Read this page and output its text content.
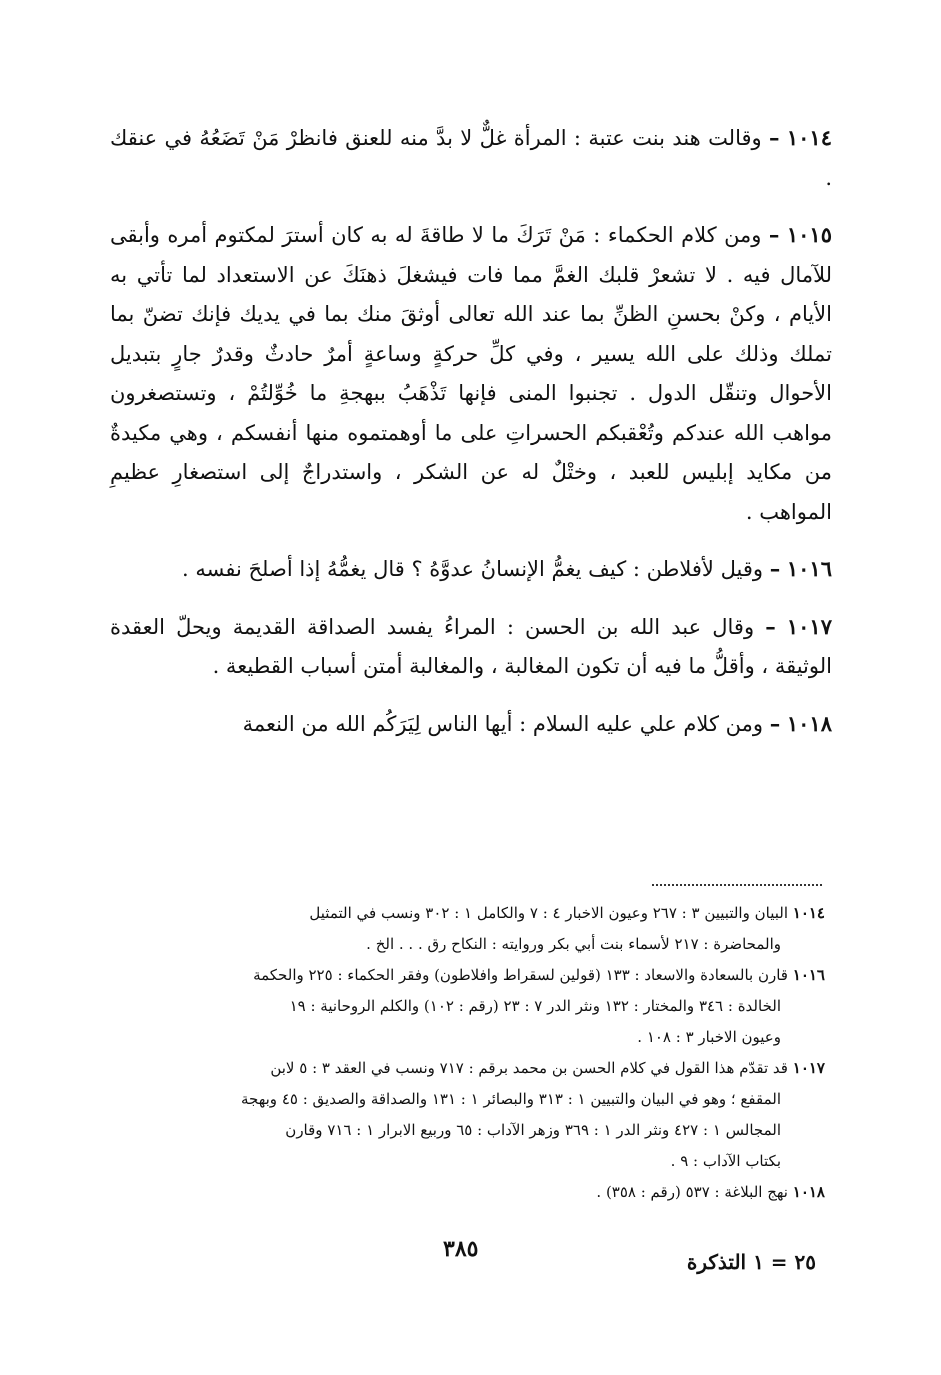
١٠١٤ – وقالت هند بنت عتبة : المرأة غلٌّ لا بدَّ منه للعنق فانظرْ مَنْ تَضَعُهُ في عنقك .

١٠١٥ – ومن كلام الحكماء : مَنْ تَرَكَ ما لا طاقةَ له به كان أسترَ لمكتوم أمره وأبقى للآمال فيه . لا تشعرْ قلبك الغمَّ مما فات فيشغلَ ذهنَكَ عن الاستعداد لما تأتي به الأيام ، وكنْ بحسنِ الظنِّ بما عند الله تعالى أوثقَ منك بما في يديك فإنك تضنّ بما تملك وذلك على الله يسير ، وفي كلِّ حركةٍ وساعةٍ أمرٌ حادثٌ وقدرٌ جارٍ بتبديل الأحوال وتنقّل الدول . تجنبوا المنى فإنها تَذْهَبُ ببهجةِ ما خُوِّلتُمْ ، وتستصغرون مواهب الله عندكم وتُعْقبكم الحسراتِ على ما أوهمتموه منها أنفسكم ، وهي مكيدةٌ من مكايد إبليس للعبد ، وختْلٌ له عن الشكر ، واستدراجٌ إلى استصغارِ عظيمِ المواهب .

١٠١٦ – وقيل لأفلاطن : كيف يغمُّ الإنسانُ عدوَّهُ ؟ قال يغمُّهُ إذا أصلحَ نفسه .

١٠١٧ – وقال عبد الله بن الحسن : المراءُ يفسد الصداقة القديمة ويحلّ العقدة الوثيقة ، وأقلُّ ما فيه أن تكون المغالبة ، والمغالبة أمتن أسباب القطيعة .

١٠١٨ – ومن كلام علي عليه السلام : أيها الناس لِيَرَكُم الله من النعمة

١٠١٤ البيان والتبيين ٣ : ٢٦٧ وعيون الاخبار ٤ : ٧ والكامل ١ : ٣٠٢ ونسب في التمثيل
والمحاضرة : ٢١٧ لأسماء بنت أبي بكر وروايته : النكاح رق . . . الخ .

١٠١٦ قارن بالسعادة والاسعاد : ١٣٣ (قولين لسقراط وافلاطون) وفقر الحكماء : ٢٢٥ والحكمة
الخالدة : ٣٤٦ والمختار : ١٣٢ ونثر الدر ٧ : ٢٣ (رقم : ١٠٢) والكلم الروحانية : ١٩
وعيون الاخبار ٣ : ١٠٨ .

١٠١٧ قد تقدّم هذا القول في كلام الحسن بن محمد برقم : ٧١٧ ونسب في العقد ٣ : ٥ لابن
المقفع ؛ وهو في البيان والتبيين ١ : ٣١٣ والبصائر ١ : ١٣١ والصداقة والصديق : ٤٥ وبهجة
المجالس ١ : ٤٢٧ ونثر الدر ١ : ٣٦٩ وزهر الآداب : ٦٥ وربيع الابرار ١ : ٧١٦ وقارن
بكتاب الآداب : ٩ .

١٠١٨ نهج البلاغة : ٥٣٧ (رقم : ٣٥٨) .

٣٨٥	٢٥ = ١ التذكرة
